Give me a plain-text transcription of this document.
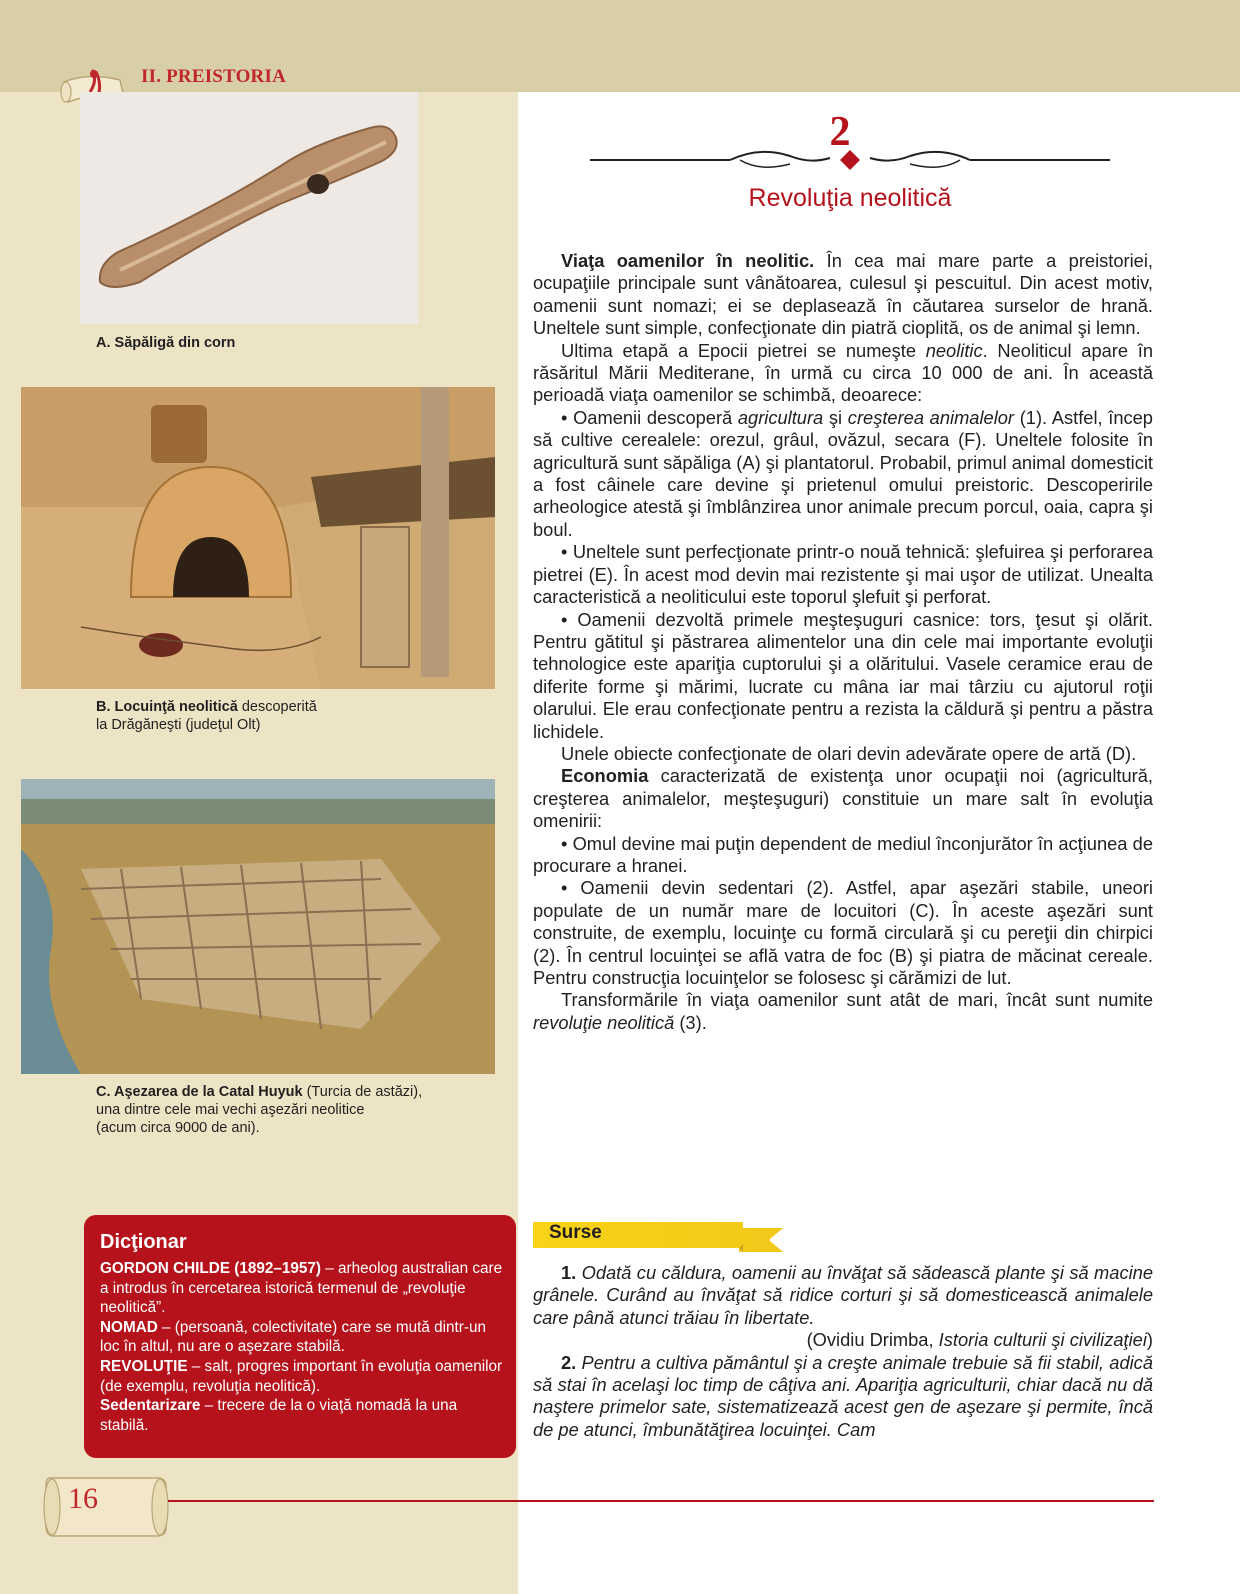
II. PREISTORIA
A. Săpăligă din corn
B. Locuinţă neolitică descoperită
la Drăgăneşti (judeţul Olt)
C. Aşezarea de la Catal Huyuk (Turcia de astăzi),
una dintre cele mai vechi aşezări neolitice
(acum circa 9000 de ani).
2
Revoluţia neolitică

Viaţa oamenilor în neolitic. În cea mai mare parte a preistoriei, ocupaţiile principale sunt vânătoarea, culesul şi pescuitul. Din acest motiv, oamenii sunt nomazi; ei se deplasează în căutarea surselor de hrană. Uneltele sunt simple, confecţionate din piatră cioplită, os de animal şi lemn.

Ultima etapă a Epocii pietrei se numeşte neolitic. Neoliticul apare în răsăritul Mării Mediterane, în urmă cu circa 10 000 de ani. În această perioadă viaţa oamenilor se schimbă, deoarece:

• Oamenii descoperă agricultura şi creşterea animalelor (1). Astfel, încep să cultive cerealele: orezul, grâul, ovăzul, secara (F). Uneltele folosite în agricultură sunt săpăliga (A) şi plantatorul. Probabil, primul animal domesticit a fost câinele care devine şi prietenul omului preistoric. Descoperirile arheologice atestă şi îmblânzirea unor animale precum porcul, oaia, capra şi boul.

• Uneltele sunt perfecţionate printr-o nouă tehnică: şlefuirea şi perforarea pietrei (E). În acest mod devin mai rezistente şi mai uşor de utilizat. Unealta caracteristică a neoliticului este toporul şlefuit şi perforat.

• Oamenii dezvoltă primele meşteşuguri casnice: tors, ţesut şi olărit. Pentru gătitul şi păstrarea alimentelor una din cele mai importante evoluţii tehnologice este apariţia cuptorului şi a olăritului. Vasele ceramice erau de diferite forme şi mărimi, lucrate cu mâna iar mai târziu cu ajutorul roţii olarului. Ele erau confecţionate pentru a rezista la căldură şi pentru a păstra lichidele.

Unele obiecte confecţionate de olari devin adevărate opere de artă (D).

Economia caracterizată de existenţa unor ocupaţii noi (agricultură, creşterea animalelor, meşteşuguri) constituie un mare salt în evoluţia omenirii:

• Omul devine mai puţin dependent de mediul înconjurător în acţiunea de procurare a hranei.

• Oamenii devin sedentari (2). Astfel, apar aşezări stabile, uneori populate de un număr mare de locuitori (C). În aceste aşezări sunt construite, de exemplu, locuinţe cu formă circulară şi cu pereţii din chirpici (2). În centrul locuinţei se află vatra de foc (B) şi piatra de măcinat cereale. Pentru construcţia locuinţelor se folosesc şi cărămizi de lut.

Transformările în viaţa oamenilor sunt atât de mari, încât sunt numite revoluţie neolitică (3).

Dicţionar

GORDON CHILDE (1892–1957) – arheolog australian care a introdus în cercetarea istorică termenul de „revoluţie neolitică”.

NOMAD – (persoană, colectivitate) care se mută dintr-un loc în altul, nu are o aşezare stabilă.

REVOLUŢIE – salt, progres important în evoluţia oamenilor (de exemplu, revoluţia neolitică).

Sedentarizare – trecere de la o viaţă nomadă la una stabilă.

Surse

1. Odată cu căldura, oamenii au învăţat să sădească plante şi să macine grânele. Curând au învăţat să ridice corturi şi să domesticească animalele care până atunci trăiau în libertate.

(Ovidiu Drimba, Istoria culturii şi civilizaţiei)

2. Pentru a cultiva pământul şi a creşte animale trebuie să fii stabil, adică să stai în acelaşi loc timp de câţiva ani. Apariţia agriculturii, chiar dacă nu dă naştere primelor sate, sistematizează acest gen de aşezare şi permite, încă de pe atunci, îmbunătăţirea locuinţei. Cam

16
